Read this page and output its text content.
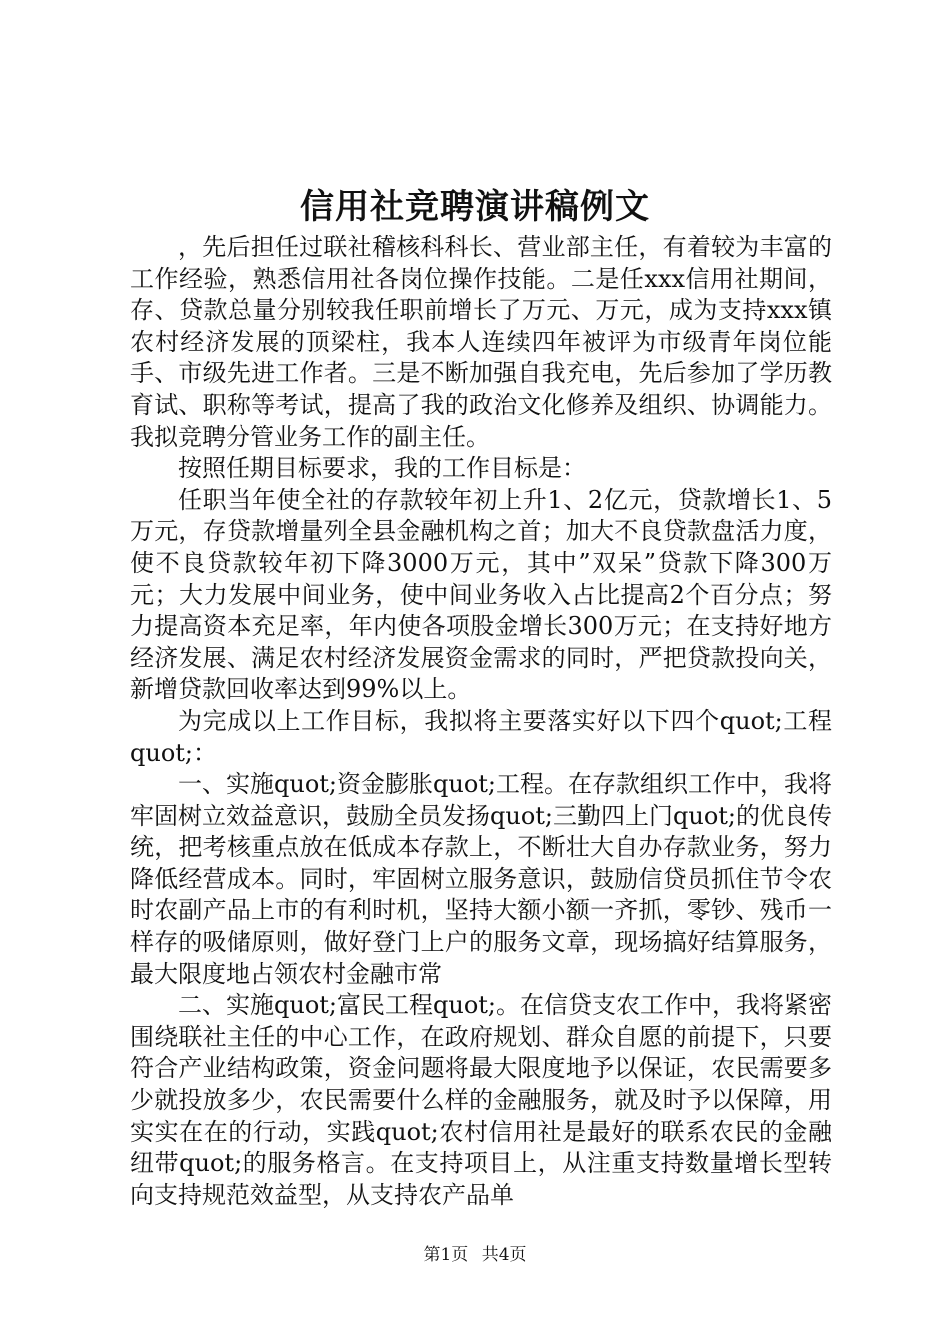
信用社竞聘演讲稿例文

，先后担任过联社稽核科科长、营业部主任，有着较为丰富的工作经验，熟悉信用社各岗位操作技能。二是任xxx信用社期间，存、贷款总量分别较我任职前增长了万元、万元，成为支持xxx镇农村经济发展的顶梁柱，我本人连续四年被评为市级青年岗位能手、市级先进工作者。三是不断加强自我充电，先后参加了学历教育试、职称等考试，提高了我的政治文化修养及组织、协调能力。我拟竞聘分管业务工作的副主任。

按照任期目标要求，我的工作目标是：

任职当年使全社的存款较年初上升1、2亿元，贷款增长1、5万元，存贷款增量列全县金融机构之首；加大不良贷款盘活力度，使不良贷款较年初下降3000万元，其中”双呆”贷款下降300万元；大力发展中间业务，使中间业务收入占比提高2个百分点；努力提高资本充足率，年内使各项股金增长300万元；在支持好地方经济发展、满足农村经济发展资金需求的同时，严把贷款投向关，新增贷款回收率达到99%以上。

为完成以上工作目标，我拟将主要落实好以下四个quot;工程quot;：

一、实施quot;资金膨胀quot;工程。在存款组织工作中，我将牢固树立效益意识，鼓励全员发扬quot;三勤四上门quot;的优良传统，把考核重点放在低成本存款上，不断壮大自办存款业务，努力降低经营成本。同时，牢固树立服务意识，鼓励信贷员抓住节令农时农副产品上市的有利时机，坚持大额小额一齐抓，零钞、残币一样存的吸储原则，做好登门上户的服务文章，现场搞好结算服务，最大限度地占领农村金融市常

二、实施quot;富民工程quot;。在信贷支农工作中，我将紧密围绕联社主任的中心工作，在政府规划、群众自愿的前提下，只要符合产业结构政策，资金问题将最大限度地予以保证，农民需要多少就投放多少，农民需要什么样的金融服务，就及时予以保障，用实实在在的行动，实践quot;农村信用社是最好的联系农民的金融纽带quot;的服务格言。在支持项目上，从注重支持数量增长型转向支持规范效益型，从支持农产品单

第1页 共4页
